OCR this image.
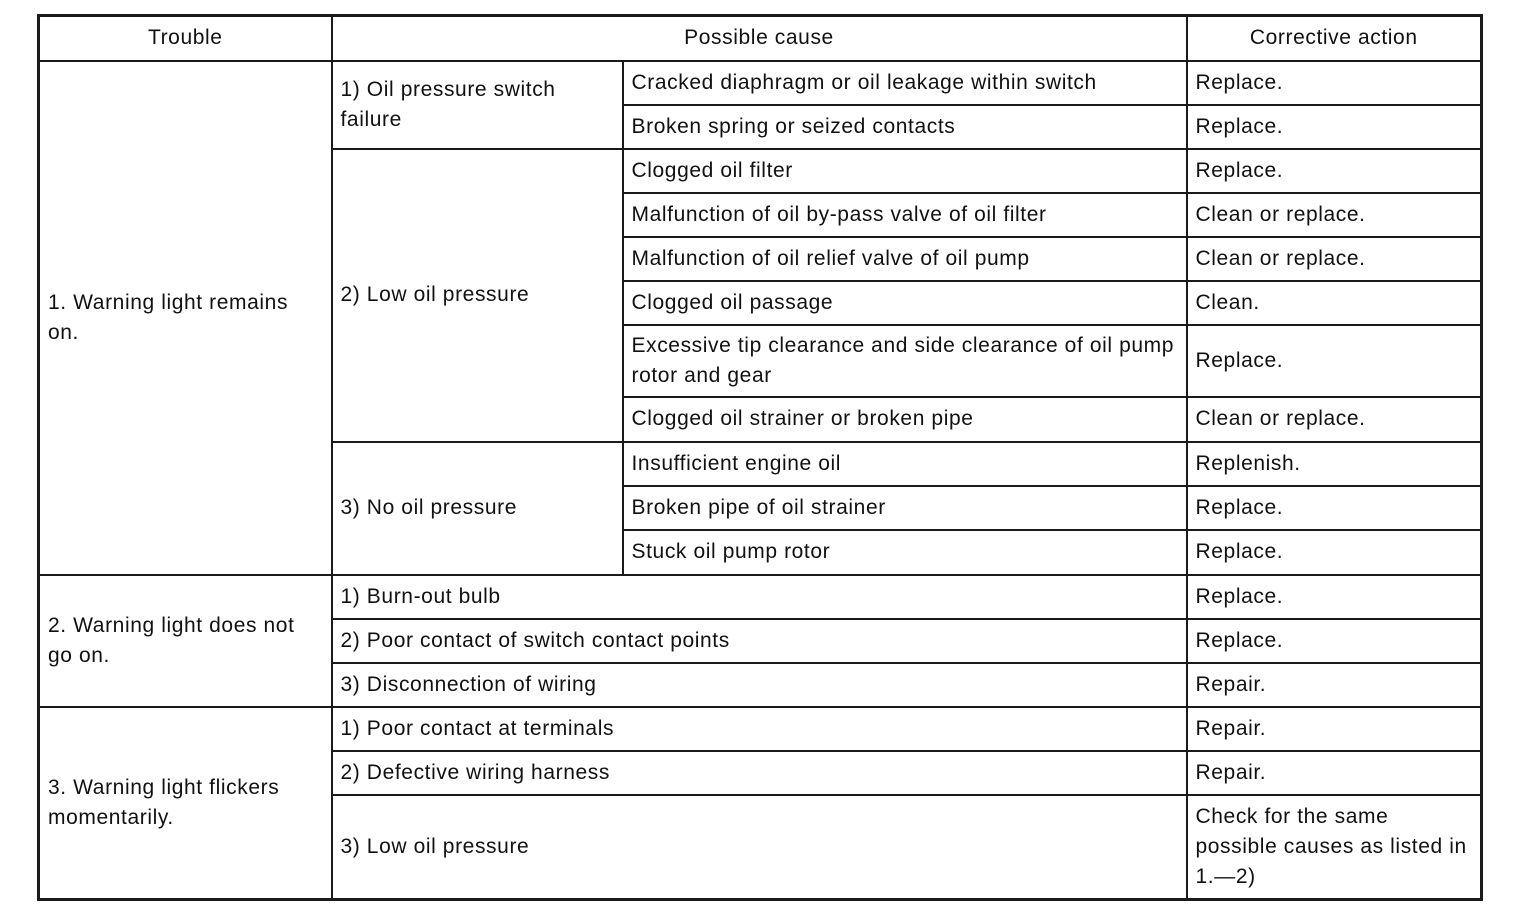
Trouble	Possible cause		Corrective action
1. Warning light remains on.	1) Oil pressure switch failure	Cracked diaphragm or oil leakage within switch	Replace.
		Broken spring or seized contacts	Replace.
	2) Low oil pressure	Clogged oil filter	Replace.
		Malfunction of oil by-pass valve of oil filter	Clean or replace.
		Malfunction of oil relief valve of oil pump	Clean or replace.
		Clogged oil passage	Clean.
		Excessive tip clearance and side clearance of oil pump rotor and gear	Replace.
		Clogged oil strainer or broken pipe	Clean or replace.
	3) No oil pressure	Insufficient engine oil	Replenish.
		Broken pipe of oil strainer	Replace.
		Stuck oil pump rotor	Replace.
2. Warning light does not go on.	1) Burn-out bulb		Replace.
	2) Poor contact of switch contact points		Replace.
	3) Disconnection of wiring		Repair.
3. Warning light flickers momentarily.	1) Poor contact at terminals		Repair.
	2) Defective wiring harness		Repair.
	3) Low oil pressure		Check for the same possible causes as listed in 1.—2)
